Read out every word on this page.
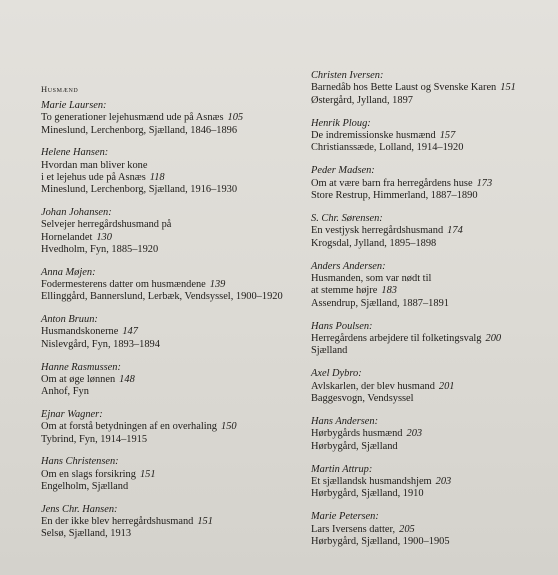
Husmænd
Marie Laursen:
To generationer lejehusmænd ude på Asnæs 105
Mineslund, Lerchenborg, Sjælland, 1846–1896
Helene Hansen:
Hvordan man bliver kone
i et lejehus ude på Asnæs 118
Mineslund, Lerchenborg, Sjælland, 1916–1930
Johan Johansen:
Selvejer herregårdshusmand på
Hornelandet 130
Hvedholm, Fyn, 1885–1920
Anna Møjen:
Fodermesterens datter om husmændene 139
Ellinggård, Bannerslund, Lerbæk, Vendsyssel, 1900–1920
Anton Bruun:
Husmandskonerne 147
Nislevgård, Fyn, 1893–1894
Hanne Rasmussen:
Om at øge lønnen 148
Anhof, Fyn
Ejnar Wagner:
Om at forstå betydningen af en overhaling 150
Tybrind, Fyn, 1914–1915
Hans Christensen:
Om en slags forsikring 151
Engelholm, Sjælland
Jens Chr. Hansen:
En der ikke blev herregårdshusmand 151
Selsø, Sjælland, 1913
Christen Iversen:
Barnedåb hos Bette Laust og Svenske Karen 151
Østergård, Jylland, 1897
Henrik Ploug:
De indremissionske husmænd 157
Christianssæde, Lolland, 1914–1920
Peder Madsen:
Om at være barn fra herregårdens huse 173
Store Restrup, Himmerland, 1887–1890
S. Chr. Sørensen:
En vestjysk herregårdshusmand 174
Krogsdal, Jylland, 1895–1898
Anders Andersen:
Husmanden, som var nødt til
at stemme højre 183
Assendrup, Sjælland, 1887–1891
Hans Poulsen:
Herregårdens arbejdere til folketingsvalg 200
Sjælland
Axel Dybro:
Avlskarlen, der blev husmand 201
Baggesvogn, Vendsyssel
Hans Andersen:
Hørbygårds husmænd 203
Hørbygård, Sjælland
Martin Attrup:
Et sjællandsk husmandshjem 203
Hørbygård, Sjælland, 1910
Marie Petersen:
Lars Iversens datter, 205
Hørbygård, Sjælland, 1900–1905
